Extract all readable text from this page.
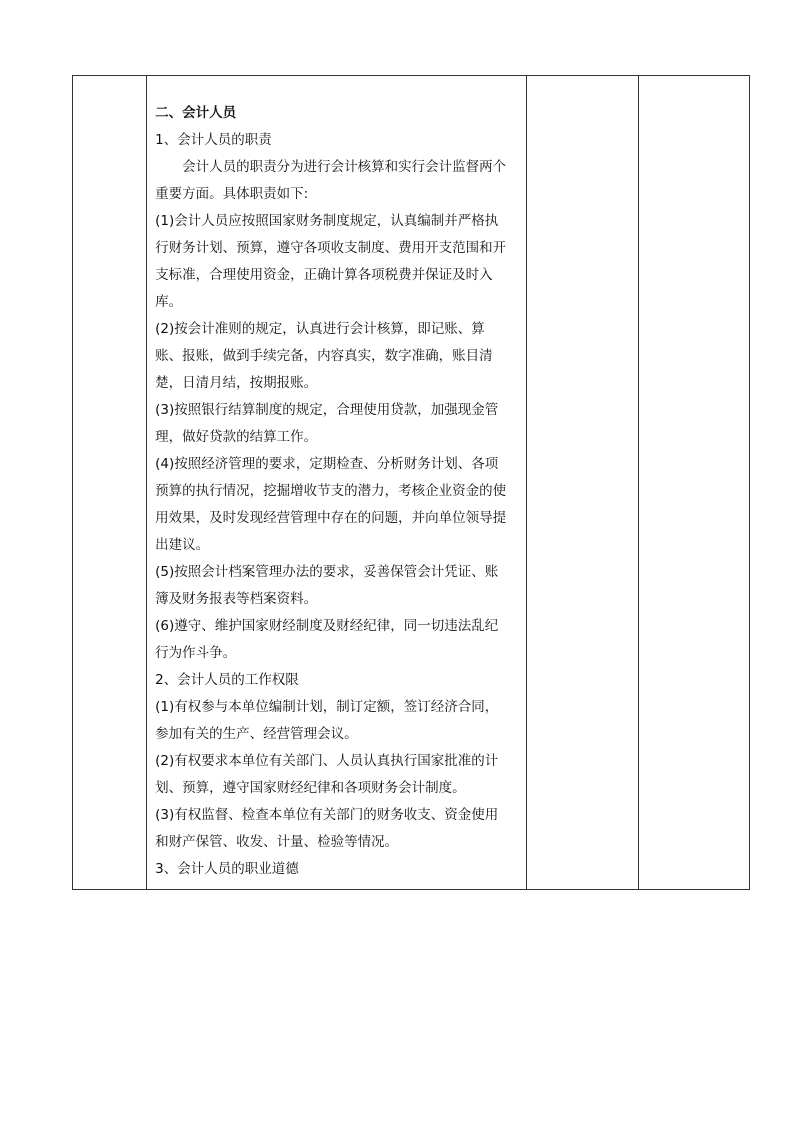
二、会计人员
1、会计人员的职责
会计人员的职责分为进行会计核算和实行会计监督两个
重要方面。具体职责如下:
(1)会计人员应按照国家财务制度规定，认真编制并严格执
行财务计划、预算，遵守各项收支制度、费用开支范围和开
支标准，合理使用资金，正确计算各项税费并保证及时入
库。
(2)按会计准则的规定，认真进行会计核算，即记账、算
账、报账，做到手续完备，内容真实，数字准确，账目清
楚，日清月结，按期报账。
(3)按照银行结算制度的规定，合理使用贷款，加强现金管
理，做好贷款的结算工作。
(4)按照经济管理的要求，定期检查、分析财务计划、各项
预算的执行情况，挖掘增收节支的潜力，考核企业资金的使
用效果，及时发现经营管理中存在的问题，并向单位领导提
出建议。
(5)按照会计档案管理办法的要求，妥善保管会计凭证、账
簿及财务报表等档案资料。
(6)遵守、维护国家财经制度及财经纪律，同一切违法乱纪
行为作斗争。
2、会计人员的工作权限
(1)有权参与本单位编制计划，制订定额，签订经济合同，
参加有关的生产、经营管理会议。
(2)有权要求本单位有关部门、人员认真执行国家批准的计
划、预算，遵守国家财经纪律和各项财务会计制度。
(3)有权监督、检查本单位有关部门的财务收支、资金使用
和财产保管、收发、计量、检验等情况。
3、会计人员的职业道德
